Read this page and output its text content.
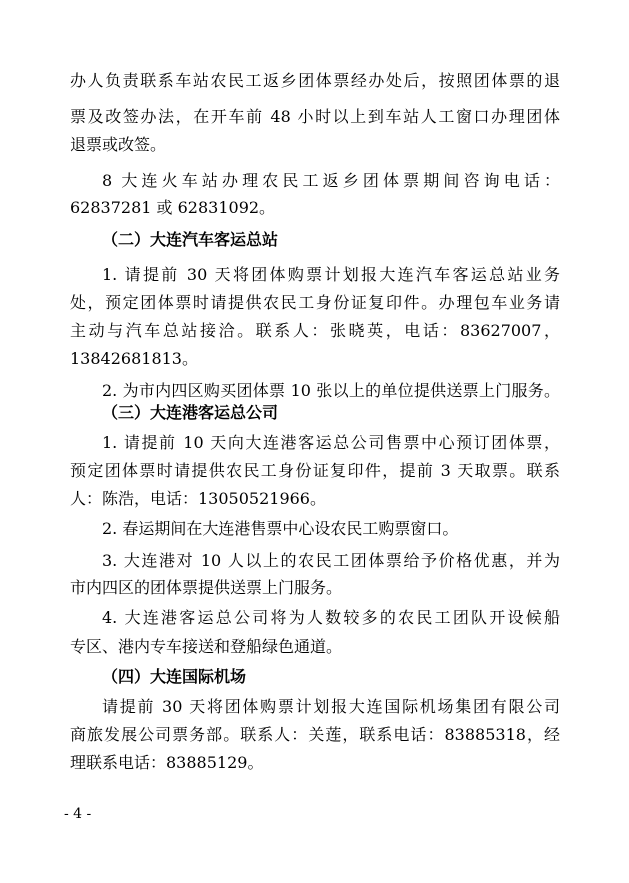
办人负责联系车站农民工返乡团体票经办处后，按照团体票的退
票及改签办法，在开车前 48 小时以上到车站人工窗口办理团体
退票或改签。
8 大连火车站办理农民工返乡团体票期间咨询电话：
62837281 或 62831092。
（二）大连汽车客运总站
1. 请提前 30 天将团体购票计划报大连汽车客运总站业务
处，预定团体票时请提供农民工身份证复印件。办理包车业务请
主动与汽车总站接洽。联系人：张晓英，电话：83627007，
13842681813。
2. 为市内四区购买团体票 10 张以上的单位提供送票上门服务。
（三）大连港客运总公司
1. 请提前 10 天向大连港客运总公司售票中心预订团体票，
预定团体票时请提供农民工身份证复印件，提前 3 天取票。联系
人：陈浩，电话：13050521966。
2. 春运期间在大连港售票中心设农民工购票窗口。
3. 大连港对 10 人以上的农民工团体票给予价格优惠，并为
市内四区的团体票提供送票上门服务。
4. 大连港客运总公司将为人数较多的农民工团队开设候船
专区、港内专车接送和登船绿色通道。
（四）大连国际机场
请提前 30 天将团体购票计划报大连国际机场集团有限公司
商旅发展公司票务部。联系人：关莲，联系电话：83885318，经
理联系电话：83885129。
- 4 -
